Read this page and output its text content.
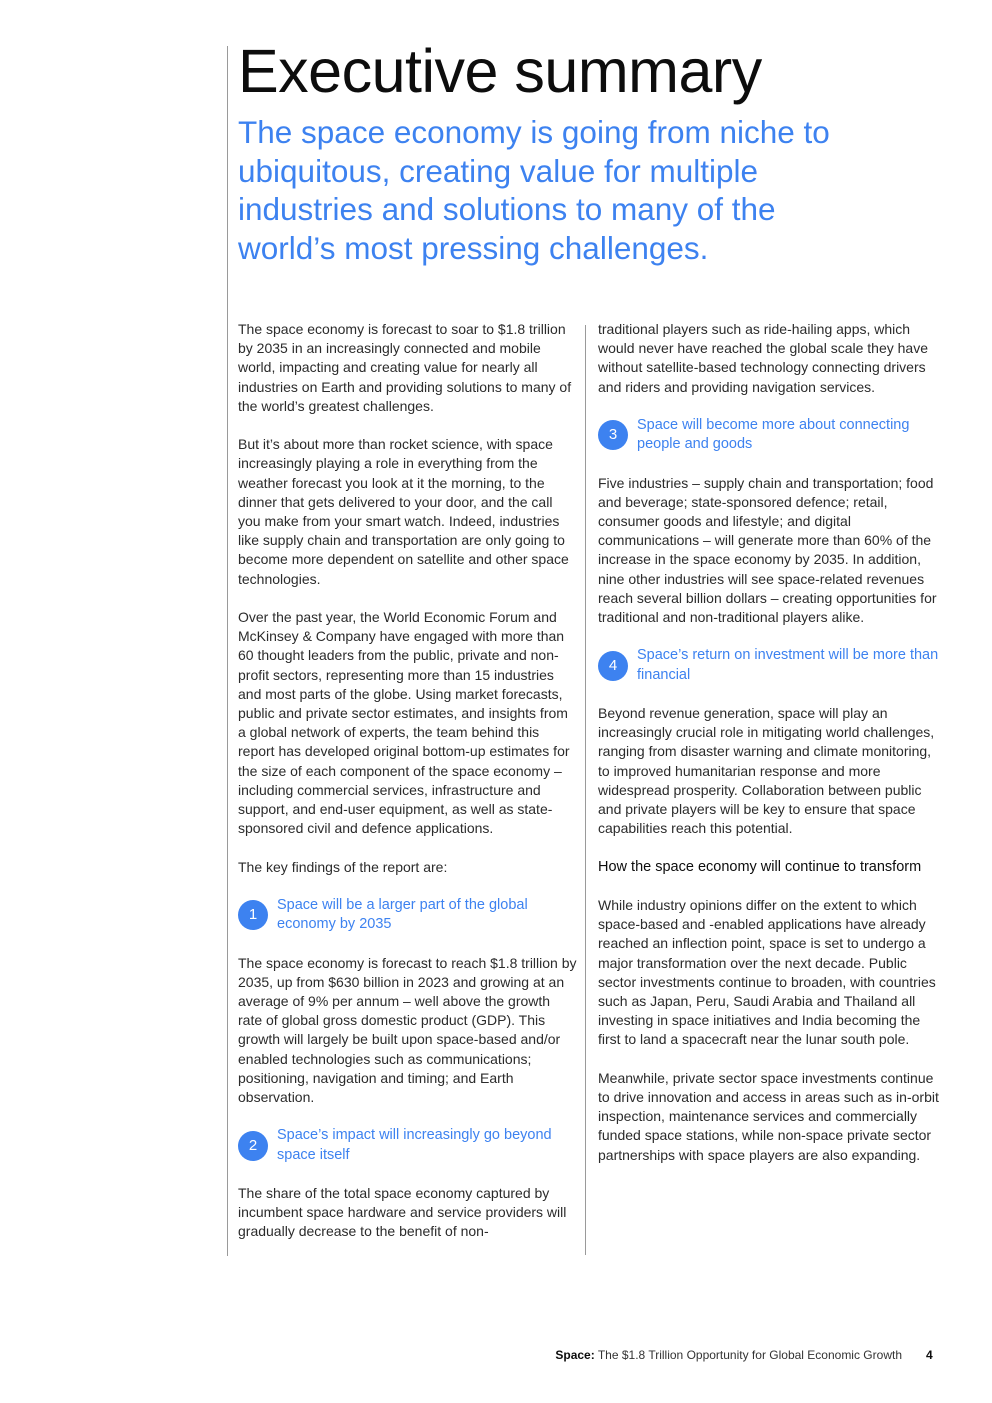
Executive summary
The space economy is going from niche to ubiquitous, creating value for multiple industries and solutions to many of the world’s most pressing challenges.

The space economy is forecast to soar to $1.8 trillion by 2035 in an increasingly connected and mobile world, impacting and creating value for nearly all industries on Earth and providing solutions to many of the world’s greatest challenges.

But it’s about more than rocket science, with space increasingly playing a role in everything from the weather forecast you look at it the morning, to the dinner that gets delivered to your door, and the call you make from your smart watch. Indeed, industries like supply chain and transportation are only going to become more dependent on satellite and other space technologies.

Over the past year, the World Economic Forum and McKinsey & Company have engaged with more than 60 thought leaders from the public, private and non-profit sectors, representing more than 15 industries and most parts of the globe. Using market forecasts, public and private sector estimates, and insights from a global network of experts, the team behind this report has developed original bottom-up estimates for the size of each component of the space economy – including commercial services, infrastructure and support, and end-user equipment, as well as state-sponsored civil and defence applications.

The key findings of the report are:

1
Space will be a larger part of the global economy by 2035

The space economy is forecast to reach $1.8 trillion by 2035, up from $630 billion in 2023 and growing at an average of 9% per annum – well above the growth rate of global gross domestic product (GDP). This growth will largely be built upon space-based and/or enabled technologies such as communications; positioning, navigation and timing; and Earth observation.

2
Space’s impact will increasingly go beyond space itself

The share of the total space economy captured by incumbent space hardware and service providers will gradually decrease to the benefit of non-

traditional players such as ride-hailing apps, which would never have reached the global scale they have without satellite-based technology connecting drivers and riders and providing navigation services.

3
Space will become more about connecting people and goods

Five industries – supply chain and transportation; food and beverage; state-sponsored defence; retail, consumer goods and lifestyle; and digital communications – will generate more than 60% of the increase in the space economy by 2035. In addition, nine other industries will see space-related revenues reach several billion dollars – creating opportunities for traditional and non-traditional players alike.

4
Space’s return on investment will be more than financial

Beyond revenue generation, space will play an increasingly crucial role in mitigating world challenges, ranging from disaster warning and climate monitoring, to improved humanitarian response and more widespread prosperity. Collaboration between public and private players will be key to ensure that space capabilities reach this potential.

How the space economy will continue to transform

While industry opinions differ on the extent to which space-based and -enabled applications have already reached an inflection point, space is set to undergo a major transformation over the next decade. Public sector investments continue to broaden, with countries such as Japan, Peru, Saudi Arabia and Thailand all investing in space initiatives and India becoming the first to land a spacecraft near the lunar south pole.

Meanwhile, private sector space investments continue to drive innovation and access in areas such as in-orbit inspection, maintenance services and commercially funded space stations, while non-space private sector partnerships with space players are also expanding.

Space: The $1.8 Trillion Opportunity for Global Economic Growth 4
